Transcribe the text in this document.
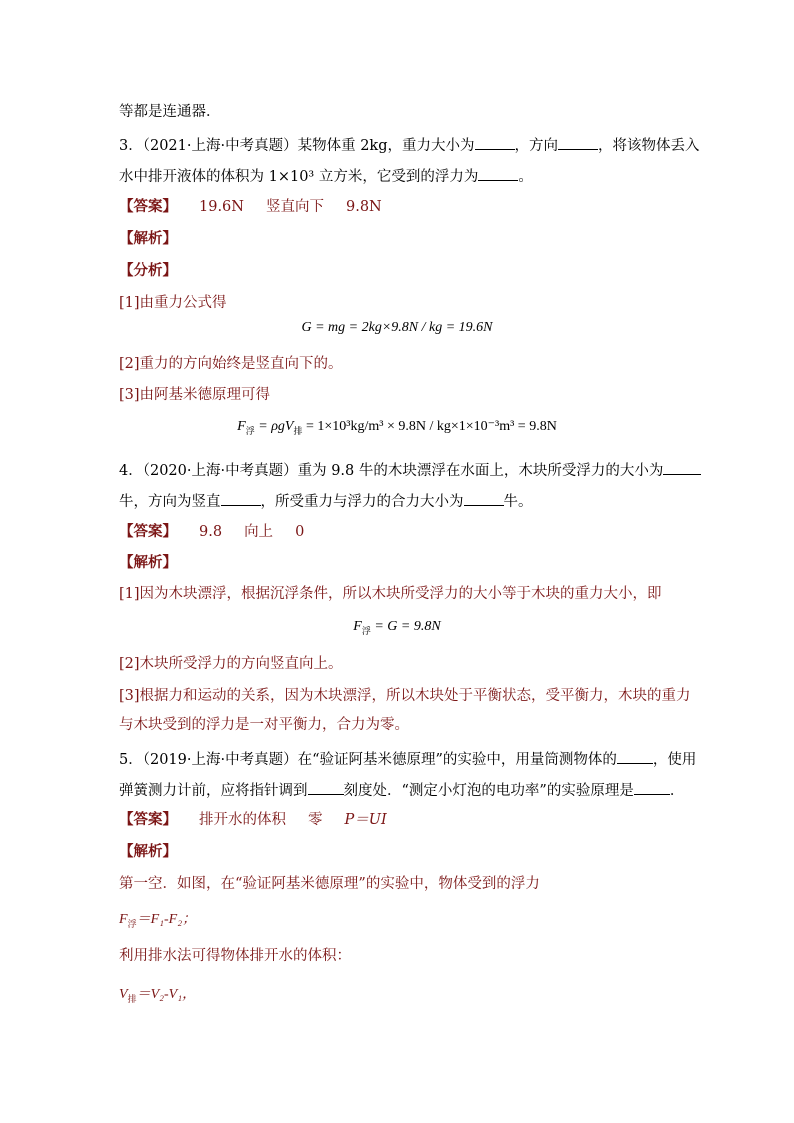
等都是连通器．
3．（2021·上海·中考真题）某物体重 2kg，重力大小为	，方向	，将该物体丢入
水中排开液体的体积为 1×10³ 立方米，它受到的浮力为	。
【答案】 19.6N 竖直向下 9.8N
【解析】
【分析】
[1]由重力公式得
G = mg = 2kg×9.8N / kg = 19.6N
[2]重力的方向始终是竖直向下的。
[3]由阿基米德原理可得
$F_浮 = \rho gV_排 = 1\times 10^3kg/m^3 \times 9.8N / kg\times 1\times 10^{-3}m^3 = 9.8N$
4．（2020·上海·中考真题）重为 9.8 牛的木块漂浮在水面上，木块所受浮力的大小为
牛，方向为竖直	，所受重力与浮力的合力大小为	牛。
【答案】 9.8 向上 0
【解析】
[1]因为木块漂浮，根据沉浮条件，所以木块所受浮力的大小等于木块的重力大小，即
$F_浮 = G = 9.8N$
[2]木块所受浮力的方向竖直向上。
[3]根据力和运动的关系，因为木块漂浮，所以木块处于平衡状态，受平衡力，木块的重力
与木块受到的浮力是一对平衡力，合力为零。
5．（2019·上海·中考真题）在“验证阿基米德原理”的实验中，用量筒测物体的 ，使用
弹簧测力计前，应将指针调到 刻度处．“测定小灯泡的电功率”的实验原理是 ．
【答案】 排开水的体积 零 P＝UI
【解析】
第一空．如图，在“验证阿基米德原理”的实验中，物体受到的浮力
$F_浮=F_1-F_2$；
利用排水法可得物体排开水的体积：
$V_排=V_2-V_1$，
